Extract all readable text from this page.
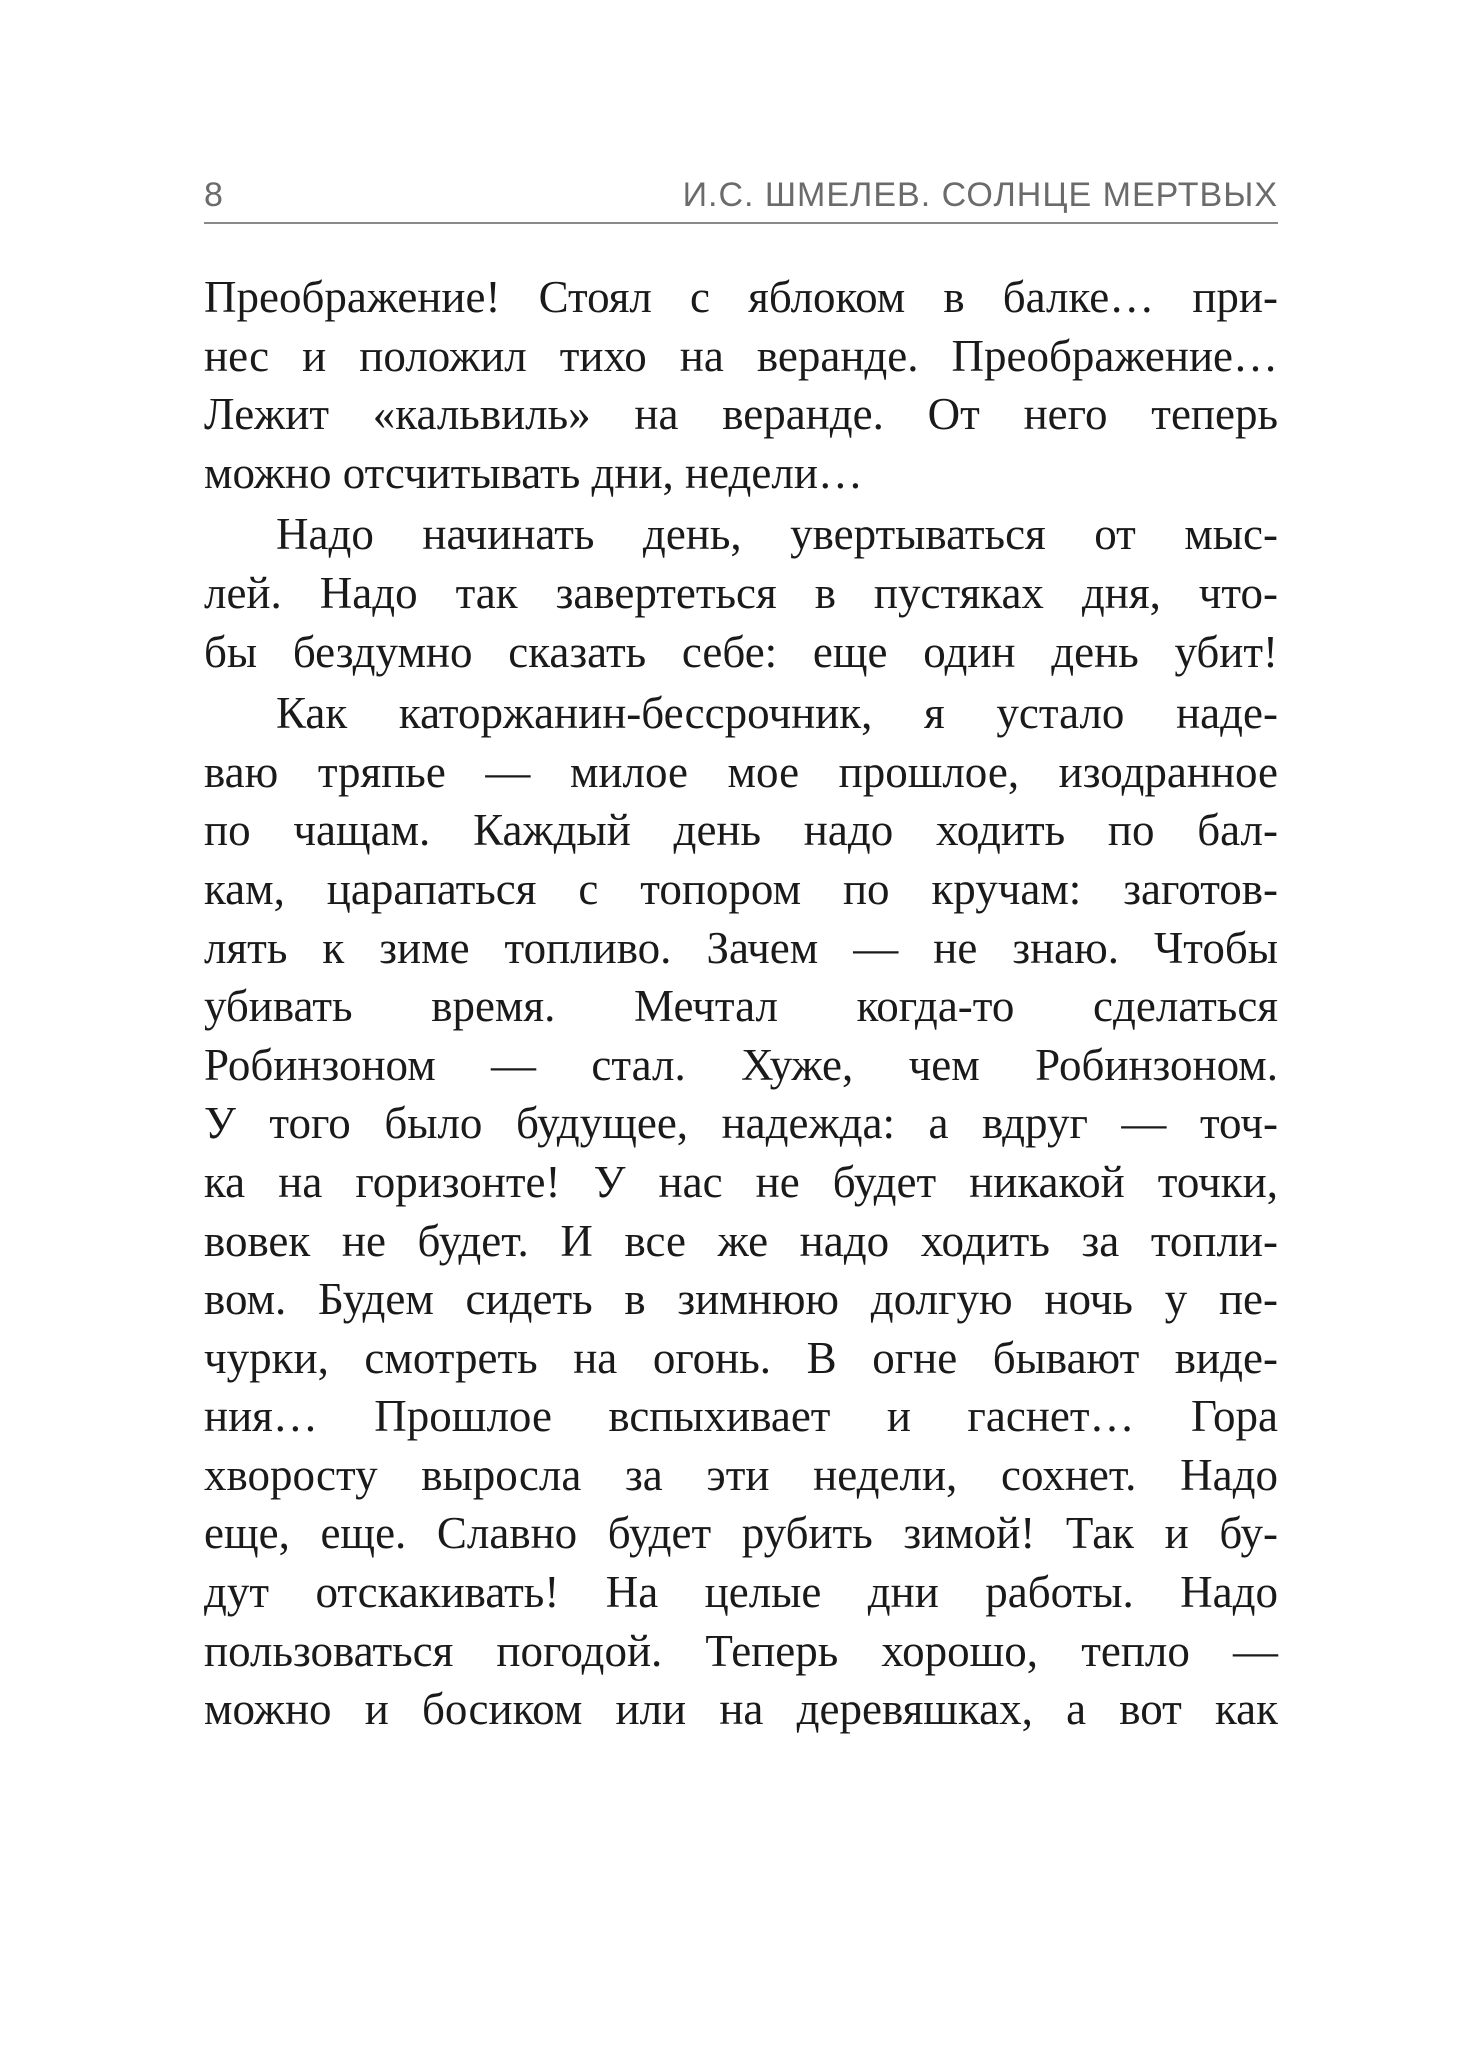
8	И.С. ШМЕЛЕВ. СОЛНЦЕ МЕРТВЫХ
Преображение! Стоял с яблоком в балке… при-
нес и положил тихо на веранде. Преображение…
Лежит «кальвиль» на веранде. От него теперь
можно отсчитывать дни, недели…
Надо начинать день, увертываться от мыс-
лей. Надо так завертеться в пустяках дня, что-
бы бездумно сказать себе: еще один день убит!
Как каторжанин-бессрочник, я устало наде-
ваю тряпье — милое мое прошлое, изодранное
по чащам. Каждый день надо ходить по бал-
кам, царапаться с топором по кручам: заготов-
лять к зиме топливо. Зачем — не знаю. Чтобы
убивать время. Мечтал когда-то сделаться
Робинзоном — стал. Хуже, чем Робинзоном.
У того было будущее, надежда: а вдруг — точ-
ка на горизонте! У нас не будет никакой точки,
вовек не будет. И все же надо ходить за топли-
вом. Будем сидеть в зимнюю долгую ночь у пе-
чурки, смотреть на огонь. В огне бывают виде-
ния… Прошлое вспыхивает и гаснет… Гора
хворосту выросла за эти недели, сохнет. Надо
еще, еще. Славно будет рубить зимой! Так и бу-
дут отскакивать! На целые дни работы. Надо
пользоваться погодой. Теперь хорошо, тепло —
можно и босиком или на деревяшках, а вот как
